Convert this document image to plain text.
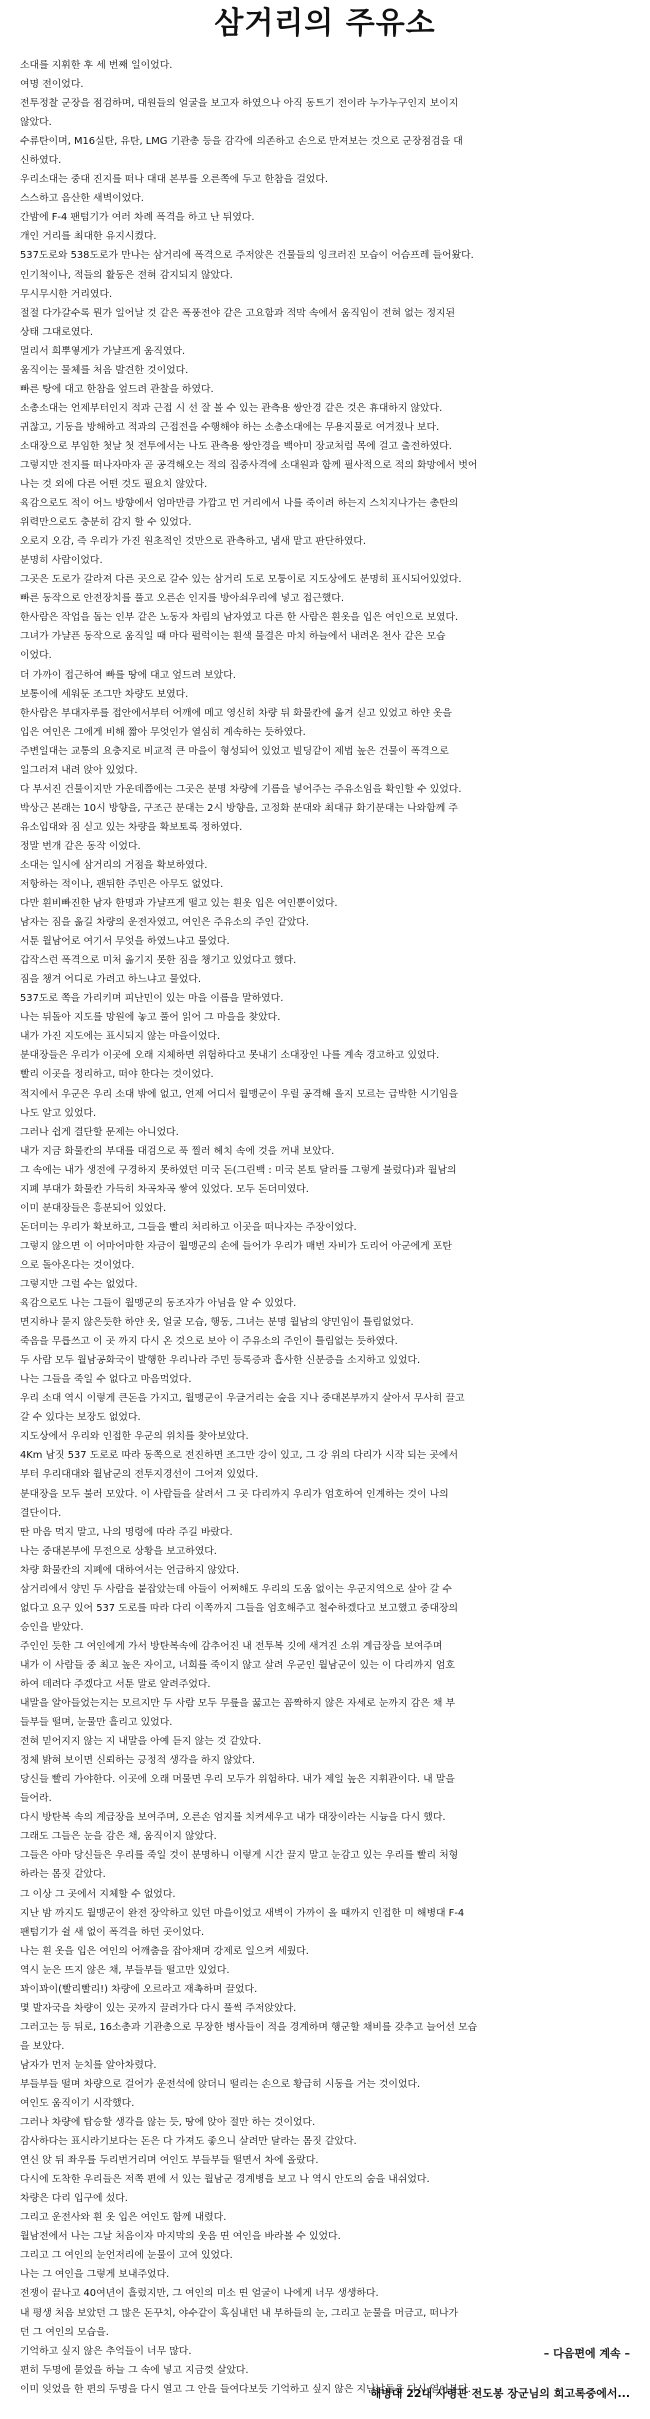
삼거리의 주유소
소대를 지휘한 후 세 번째 일이었다.
여명 전이었다.
전투정찰 군장을 점검하며, 대원들의 얼굴을 보고자 하였으나 아직 동트기 전이라 누가누구인지 보이지
않았다.
수류탄이며, M16실탄, 유탄, LMG 기관총 등을 감각에 의존하고 손으로 만져보는 것으로 군장점검을 대
신하였다.
우리소대는 중대 진지를 떠나 대대 본부를 오른쪽에 두고 한참을 걸었다.
스스하고 음산한 새벽이었다.
간밤에 F-4 팬텀기가 여러 차례 폭격을 하고 난 뒤였다.
개인 거리를 최대한 유지시켰다.
537도로와 538도로가 만나는 삼거리에 폭격으로 주저앉은 건물들의 잉크러진 모습이 어슴프레 들어왔다.
인기척이나, 적들의 활동은 전혀 감지되지 않았다.
무시무시한 거리였다.
절절 다가갈수록 뭔가 일어날 것 같은 폭풍전야 같은 고요함과 적막 속에서 움직임이 전혀 없는 정지된
상태 그대로였다.
멀리서 희뿌옇게가 가냘프게 움직였다.
움직이는 물체를 처음 발견한 것이었다.
빠른 탕에 대고 한참을 엎드려 관찰을 하였다.
소총소대는 언제부터인지 적과 근접 시 선 잘 볼 수 있는 관측용 쌍안경 같은 것은 휴대하지 않았다.
귀찮고, 기동을 방해하고 적과의 근접전을 수행해야 하는 소총소대에는 무용지물로 여겨졌나 보다.
소대장으로 부임한 첫날 첫 전투에서는 나도 관측용 쌍안경을 백아미 장교처럼 목에 걸고 출전하였다.
그렇지만 전지를 떠나자마자 곧 공격해오는 적의 집중사격에 소대원과 함께 필사적으로 적의 화망에서 벗어
나는 것 외에 다른 어떤 것도 필요치 않았다.
육감으로도 적이 어느 방향에서 엄마만큼 가깝고 먼 거리에서 나를 죽이려 하는지 스치지나가는 총탄의
위력만으로도 충분히 감지 할 수 있었다.
오로지 오감, 즉 우리가 가진 원초적인 것만으로 관측하고, 냄새 맡고 판단하였다.
분명히 사람이었다.
그곳은 도로가 갈라져 다른 곳으로 갈수 있는 삼거리 도로 모퉁이로 지도상에도 분명히 표시되어있었다.
빠른 동작으로 안전장치를 풀고 오른손 인지를 방아쇠우리에 넣고 접근했다.
한사람은 작업을 돕는 인부 같은 노동자 차림의 남자였고 다른 한 사람은 흰옷을 입은 여인으로 보였다.
그녀가 가냘픈 동작으로 움직일 때 마다 펄럭이는 흰색 물결은 마치 하늘에서 내려온 천사 같은 모습
이었다.
더 가까이 접근하여 빠를 땅에 대고 엎드려 보았다.
보통이에 세워둔 조그만 차량도 보였다.
한사람은 부대자루를 접안에서부터 어깨에 메고 영신히 차량 뒤 화물칸에 옮겨 싣고 있었고 하얀 옷을
입은 여인은 그에게 비해 짧아 무엇인가 열심히 계속하는 듯하였다.
주변일대는 교통의 요충지로 비교적 큰 마을이 형성되어 있었고 빌딩같이 제법 높은 건물이 폭격으로
일그러져 내려 앉아 있었다.
다 부서진 건물이지만 가운데쯤에는 그곳은 분명 차량에 기름을 넣어주는 주유소임을 확인할 수 있었다.
박상근 본래는 10시 방향을, 구조근 분대는 2시 방향을, 고정화 분대와 최대규 화기분대는 나와함께 주
유소입대와 짐 싣고 있는 차량을 확보토록 정하였다.
정말 번개 같은 동작 이었다.
소대는 일시에 삼거리의 거점을 확보하였다.
저항하는 적이나, 괜뒤한 주민은 아무도 없었다.
다만 흰비빠진한 남자 한명과 가냘프게 떨고 있는 흰옷 입은 여인뿐이었다.
남자는 짐을 옮길 차량의 운전자였고, 여인은 주유소의 주인 같았다.
서툰 월남어로 여기서 무엇을 하였느냐고 물었다.
갑작스런 폭격으로 미처 옮기지 못한 짐을 챙기고 있었다고 했다.
짐을 챙겨 어디로 가려고 하느냐고 물었다.
537도로 쪽을 가리키며 피난민이 있는 마을 이름을 말하였다.
나는 뒤돌아 지도를 망원에 놓고 풀어 읽어 그 마을을 찾았다.
내가 가진 지도에는 표시되지 않는 마을이었다.
분대장들은 우리가 이곳에 오래 지체하면 위험하다고 못내기 소대장인 나를 계속 경고하고 있었다.
빨리 이곳을 정리하고, 떠야 한다는 것이었다.
적지에서 우군은 우리 소대 밖에 없고, 언제 어디서 월맹군이 우릴 공격해 올지 모르는 급박한 시기임을
나도 알고 있었다.
그러나 쉽게 결단할 문제는 아니었다.
내가 지금 화물칸의 부대를 대검으로 푹 찔러 헤치 속에 것을 꺼내 보았다.
그 속에는 내가 생전에 구경하지 못하였던 미국 돈(그린백 : 미국 본토 달러를 그렇게 불렀다)과 월남의
지폐 부대가 화물칸 가득히 차곡차곡 쌓여 있었다. 모두 돈더미였다.
이미 분대장들은 흥분되어 있었다.
돈더미는 우리가 확보하고, 그들을 빨리 처리하고 이곳을 떠나자는 주장이었다.
그렇지 않으면 이 어마어마한 자금이 월맹군의 손에 들어가 우리가 매번 자비가 도리어 아군에게 포탄
으로 돌아온다는 것이었다.
그렇지만 그럴 수는 없었다.
육감으로도 나는 그들이 월맹군의 동조자가 아님을 알 수 있었다.
면지하나 묻지 않은듯한 하얀 옷, 얼굴 모습, 행동, 그녀는 분명 월남의 양민임이 틀림없었다.
죽음을 무릅쓰고 이 곳 까지 다시 온 것으로 보아 이 주유소의 주인이 틀림없는 듯하였다.
두 사람 모두 월남공화국이 발행한 우리나라 주민 등록증과 흡사한 신분증을 소지하고 있었다.
나는 그들을 죽일 수 없다고 마음먹었다.
우리 소대 역시 이렇게 큰돈을 가지고, 월맹군이 우글거리는 숲을 지나 중대본부까지 살아서 무사히 끌고
갈 수 있다는 보장도 없었다.
지도상에서 우리와 인접한 우군의 위치를 찾아보았다.
4Km 남짓 537 도로로 따라 동쪽으로 전진하면 조그만 강이 있고, 그 강 위의 다리가 시작 되는 곳에서
부터 우리대대와 월남군의 전투지경선이 그어져 있었다.
분대장을 모두 불러 모았다. 이 사람들을 살려서 그 곳 다리까지 우리가 엄호하여 인계하는 것이 나의
결단이다.
딴 마음 먹지 말고, 나의 명령에 따라 주길 바랐다.
나는 중대본부에 무전으로 상황을 보고하였다.
차량 화물칸의 지폐에 대하여서는 언급하지 않았다.
삼거리에서 양민 두 사람을 붙잡았는데 아들이 어쩌해도 우리의 도움 없이는 우군지역으로 살아 갈 수
없다고 요구 있어 537 도로를 따라 다리 이쪽까지 그들을 엄호해주고 철수하겠다고 보고했고 중대장의
승인을 받았다.
주인인 듯한 그 여인에게 가서 방탄복속에 감추어진 내 전투복 깃에 새겨진 소위 계급장을 보여주며
내가 이 사람들 중 최고 높은 자이고, 너희를 죽이지 않고 살려 우군인 월남군이 있는 이 다리까지 엄호
하여 데려다 주겠다고 서툰 말로 알려주었다.
내말을 알아들었는지는 모르지만 두 사람 모두 무릎을 꿇고는 꼼짝하지 않은 자세로 눈까지 감은 채 부
들부들 떨며, 눈물만 흘리고 있었다.
전혀 믿어지지 않는 지 내말을 아예 듣지 않는 것 같았다.
정체 밝혀 보이면 신뢰하는 긍정적 생각을 하지 않았다.
당신들 빨리 가야한다. 이곳에 오래 머물면 우리 모두가 위험하다. 내가 제일 높은 지휘관이다. 내 말을
들어라.
다시 방탄복 속의 계급장을 보여주며, 오른손 엄지를 치켜세우고 내가 대장이라는 시늉을 다시 했다.
그래도 그들은 눈을 감은 채, 움직이지 않았다.
그들은 아마 당신들은 우리를 죽일 것이 분명하니 이렇게 시간 끌지 말고 눈감고 있는 우리를 빨리 처형
하라는 몸짓 같았다.
그 이상 그 곳에서 지체할 수 없었다.
지난 밤 까지도 월맹군이 완전 장악하고 있던 마을이었고 새벽이 가까이 올 때까지 인접한 미 해병대 F-4
팬텀기가 쉴 새 없이 폭격을 하던 곳이었다.
나는 흰 옷을 입은 여인의 어깨춤을 잡아채며 강제로 일으켜 세웠다.
역시 눈은 뜨지 않은 채, 부들부들 떨고만 있었다.
꽈이꽈이(빨리빨리!) 차량에 오르라고 재촉하며 끌었다.
몇 발자국을 차량이 있는 곳까지 끌려가다 다시 풀썩 주저앉았다.
그러고는 등 뒤로, 16소총과 기관총으로 무장한 병사들이 적을 경계하며 행군할 채비를 갖추고 늘어선 모습
을 보았다.
남자가 먼저 눈치를 알아차렸다.
부들부들 떨며 차량으로 걸어가 운전석에 앉더니 떨리는 손으로 황급히 시동을 거는 것이었다.
여인도 움직이기 시작했다.
그러나 차량에 탑승할 생각을 않는 듯, 땅에 앉아 절만 하는 것이었다.
감사하다는 표시라기보다는 돈은 다 가져도 좋으니 살려만 달라는 몸짓 같았다.
연신 앉 뒤 좌우를 두리번거리며 여인도 부들부들 떨면서 차에 올랐다.
다시에 도착한 우리들은 저쪽 편에 서 있는 월남군 경계병을 보고 나 역시 안도의 숨을 내쉬었다.
차량은 다리 입구에 섰다.
그리고 운전사와 흰 옷 입은 여인도 함께 내렸다.
월남전에서 나는 그날 처음이자 마지막의 웃음 띤 여인을 바라볼 수 있었다.
그리고 그 여인의 눈언저리에 눈물이 고여 있었다.
나는 그 여인을 그렇게 보내주었다.
전쟁이 끝나고 40여년이 흘렀지만, 그 여인의 미소 띤 얼굴이 나에게 너무 생생하다.
내 평생 처음 보았던 그 많은 돈꾸치, 야수같이 흑심내던 내 부하들의 눈, 그리고 눈물을 머금고, 떠나가
던 그 여인의 모습을.
기억하고 싶지 않은 추억들이 너무 많다.
편히 두명에 묻었을 하늘 그 속에 넣고 지금껏 살았다.
이미 잊었을 한 편의 두명을 다시 열고 그 안을 들여다보듯 기억하고 싶지 않은 지난날들을 다시 열어본다.
– 다음편에 계속 –
해병대 22대 사령관 전도봉 장군님의 회고록중에서...
